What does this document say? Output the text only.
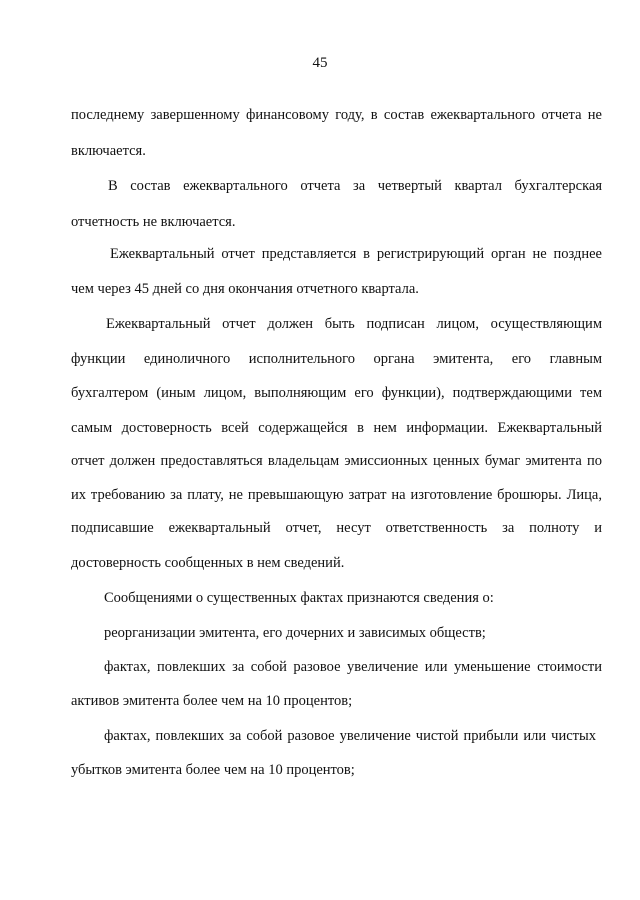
45
последнему завершенному финансовому году, в состав ежеквартального отчета не
включается.
В состав ежеквартального отчета за четвертый квартал бухгалтерская
отчетность не включается.
Ежеквартальный отчет представляется в регистрирующий орган не позднее
чем через 45 дней со дня окончания отчетного квартала.
Ежеквартальный отчет должен быть подписан лицом, осуществляющим
функции единоличного исполнительного органа эмитента, его главным
бухгалтером (иным лицом, выполняющим его функции), подтверждающими тем
самым достоверность всей содержащейся в нем информации. Ежеквартальный
отчет должен предоставляться владельцам эмиссионных ценных бумаг эмитента по
их требованию за плату, не превышающую затрат на изготовление брошюры. Лица,
подписавшие ежеквартальный отчет, несут ответственность за полноту и
достоверность сообщенных в нем сведений.
Сообщениями о существенных фактах признаются сведения о:
реорганизации эмитента, его дочерних и зависимых обществ;
фактах, повлекших за собой разовое увеличение или уменьшение стоимости
активов эмитента более чем на 10 процентов;
фактах, повлекших за собой разовое увеличение чистой прибыли или чистых
убытков эмитента более чем на 10 процентов;
